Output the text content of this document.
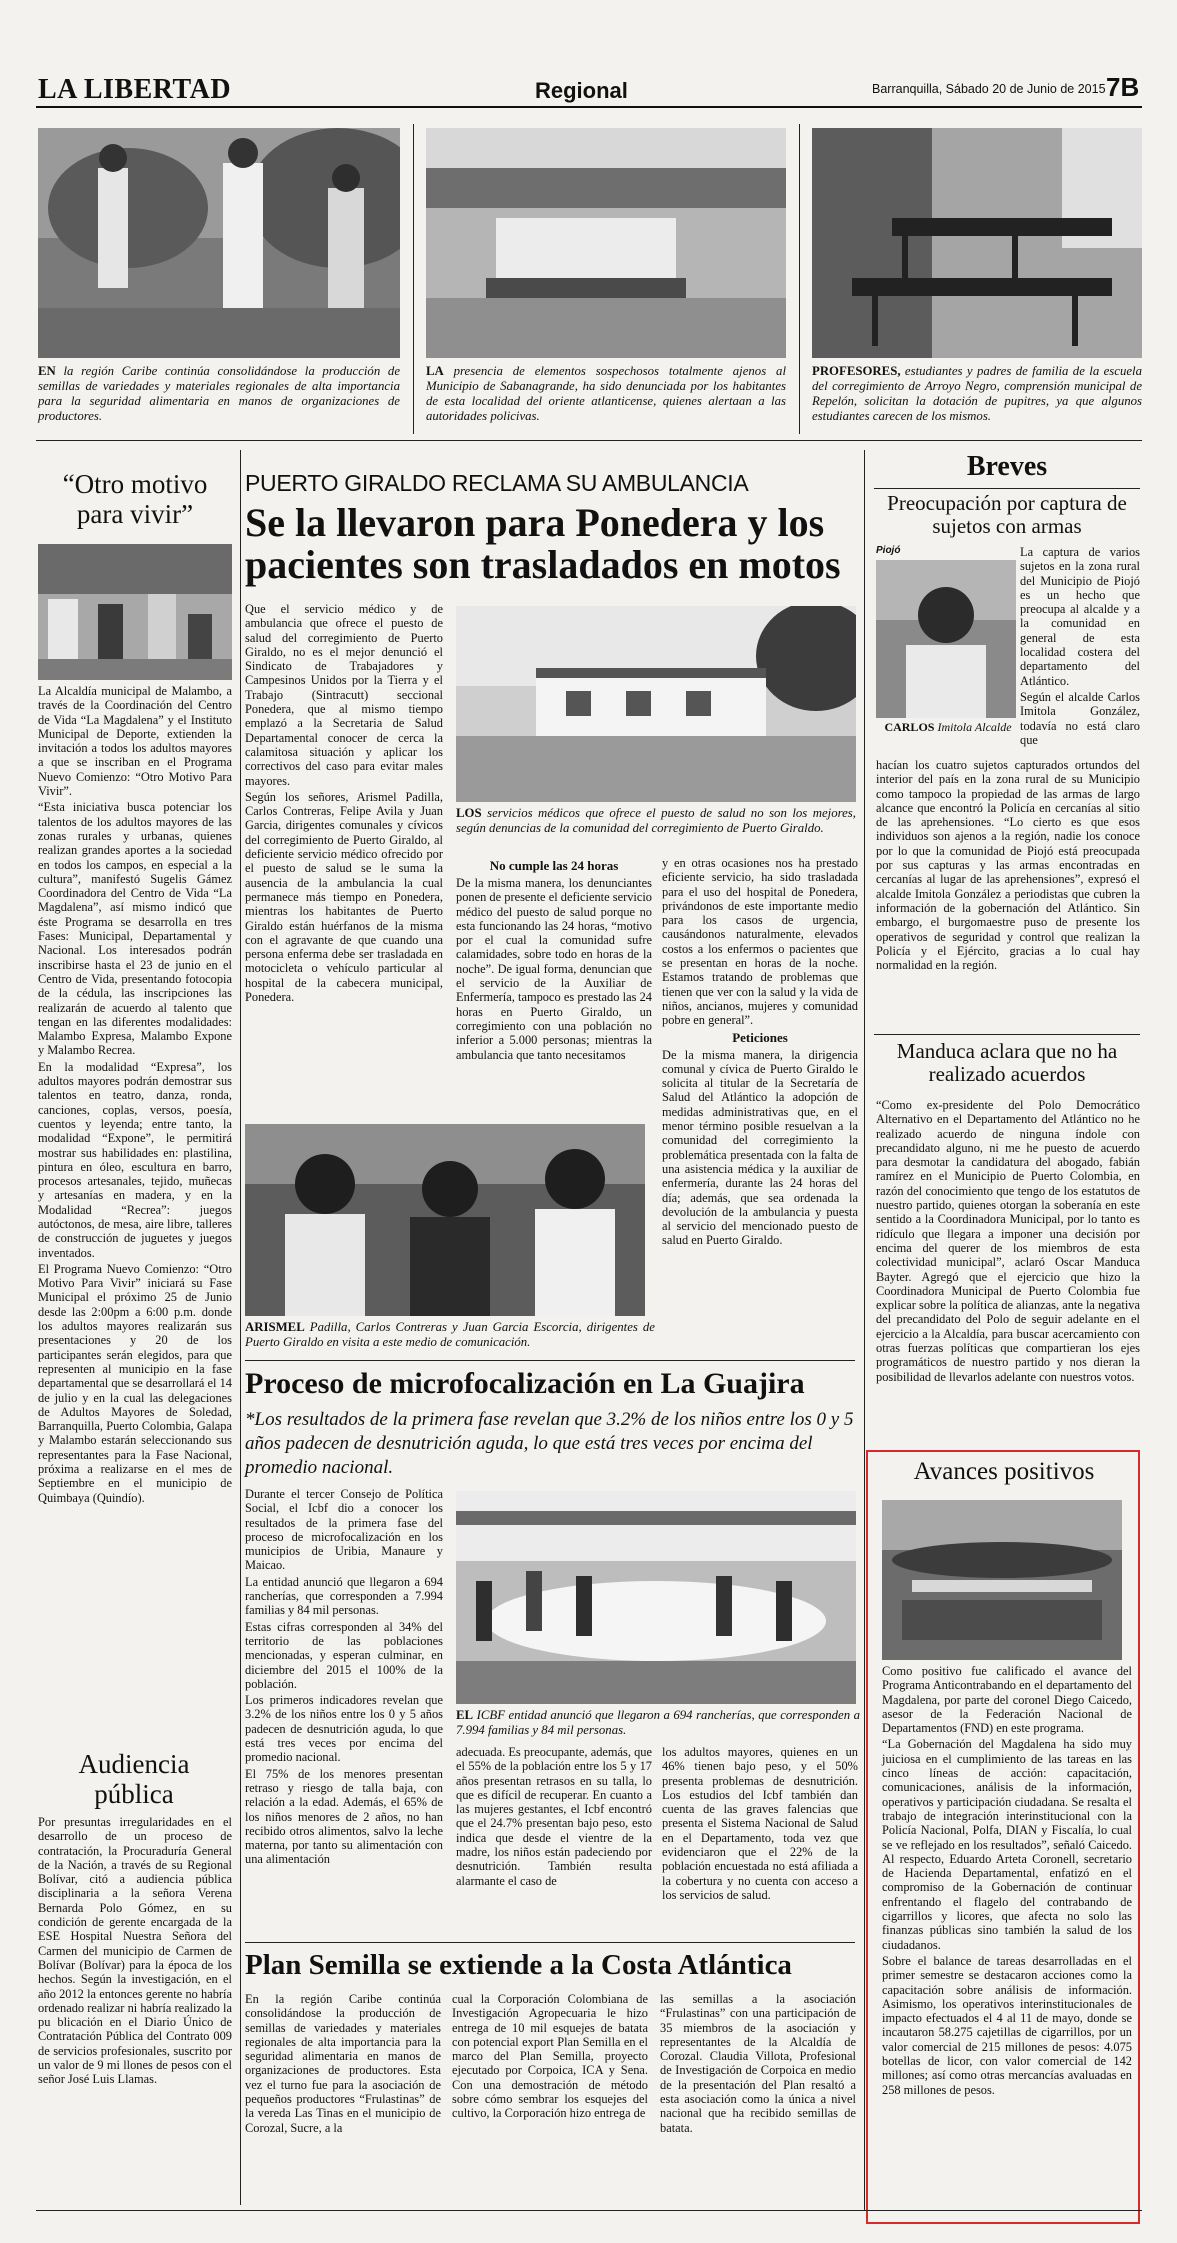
LA LIBERTAD	Regional	Barranquilla, Sábado 20 de Junio de 2015 7B
EN la región Caribe continúa consolidándose la producción de semillas de variedades y materiales regionales de alta importancia para la seguridad alimentaria en manos de organizaciones de productores.
LA presencia de elementos sospechosos totalmente ajenos al Municipio de Sabanagrande, ha sido denunciada por los habitantes de esta localidad del oriente atlanticense, quienes alertaan a las autoridades policivas.
PROFESORES, estudiantes y padres de familia de la escuela del corregimiento de Arroyo Negro, comprensión municipal de Repelón, solicitan la dotación de pupitres, ya que algunos estudiantes carecen de los mismos.
“Otro motivo para vivir”

La Alcaldía municipal de Malambo, a través de la Coordinación del Centro de Vida “La Magdalena” y el Instituto Municipal de Deporte, extienden la invitación a todos los adultos mayores a que se inscriban en el Programa Nuevo Comienzo: “Otro Motivo Para Vivir”.

“Esta iniciativa busca potenciar los talentos de los adultos mayores de las zonas rurales y urbanas, quienes realizan grandes aportes a la sociedad en todos los campos, en especial a la cultura”, manifestó Sugelis Gámez Coordinadora del Centro de Vida “La Magdalena”, así mismo indicó que éste Programa se desarrolla en tres Fases: Municipal, Departamental y Nacional. Los interesados podrán inscribirse hasta el 23 de junio en el Centro de Vida, presentando fotocopia de la cédula, las inscripciones las realizarán de acuerdo al talento que tengan en las diferentes modalidades: Malambo Expresa, Malambo Expone y Malambo Recrea.

En la modalidad “Expresa”, los adultos mayores podrán demostrar sus talentos en teatro, danza, ronda, canciones, coplas, versos, poesía, cuentos y leyenda; entre tanto, la modalidad “Expone”, le permitirá mostrar sus habilidades en: plastilina, pintura en óleo, escultura en barro, procesos artesanales, tejido, muñecas y artesanías en madera, y en la Modalidad “Recrea”: juegos autóctonos, de mesa, aire libre, talleres de construcción de juguetes y juegos inventados.

El Programa Nuevo Comienzo: “Otro Motivo Para Vivir” iniciará su Fase Municipal el próximo 25 de Junio desde las 2:00pm a 6:00 p.m. donde los adultos mayores realizarán sus presentaciones y 20 de los participantes serán elegidos, para que representen al municipio en la fase departamental que se desarrollará el 14 de julio y en la cual las delegaciones de Adultos Mayores de Soledad, Barranquilla, Puerto Colombia, Galapa y Malambo estarán seleccionando sus representantes para la Fase Nacional, próxima a realizarse en el mes de Septiembre en el municipio de Quimbaya (Quindío).

Audiencia pública
Por presuntas irregularidades en el desarrollo de un proceso de contratación, la Procuraduría General de la Nación, a través de su Regional Bolívar, citó a audiencia pública disciplinaria a la señora Verena Bernarda Polo Gómez, en su condición de gerente encargada de la ESE Hospital Nuestra Señora del Carmen del municipio de Carmen de Bolívar (Bolívar) para la época de los hechos. Según la investigación, en el año 2012 la entonces gerente no habría ordenado realizar ni habría realizado la pu blicación en el Diario Único de Contratación Pública del Contrato 009 de servicios profesionales, suscrito por un valor de 9 mi llones de pesos con el señor José Luis Llamas.
PUERTO GIRALDO RECLAMA SU AMBULANCIA
Se la llevaron para Ponedera y los pacientes son trasladados en motos

Que el servicio médico y de ambulancia que ofrece el puesto de salud del corregimiento de Puerto Giraldo, no es el mejor denunció el Sindicato de Trabajadores y Campesinos Unidos por la Tierra y el Trabajo (Sintracutt) seccional Ponedera, que al mismo tiempo emplazó a la Secretaria de Salud Departamental conocer de cerca la calamitosa situación y aplicar los correctivos del caso para evitar males mayores.

Según los señores, Arismel Padilla, Carlos Contreras, Felipe Avila y Juan Garcia, dirigentes comunales y cívicos del corregimiento de Puerto Giraldo, al deficiente servicio médico ofrecido por el puesto de salud se le suma la ausencia de la ambulancia la cual permanece más tiempo en Ponedera, mientras los habitantes de Puerto Giraldo están huérfanos de la misma con el agravante de que cuando una persona enferma debe ser trasladada en motocicleta o vehículo particular al hospital de la cabecera municipal, Ponedera.

LOS servicios médicos que ofrece el puesto de salud no son los mejores, según denuncias de la comunidad del corregimiento de Puerto Giraldo.
No cumple las 24 horas
De la misma manera, los denunciantes ponen de presente el deficiente servicio médico del puesto de salud porque no esta funcionando las 24 horas, “motivo por el cual la comunidad sufre calamidades, sobre todo en horas de la noche”. De igual forma, denuncian que el servicio de la Auxiliar de Enfermería, tampoco es prestado las 24 horas en Puerto Giraldo, un corregimiento con una población no inferior a 5.000 personas; mientras la ambulancia que tanto necesitamos
y en otras ocasiones nos ha prestado eficiente servicio, ha sido trasladada para el uso del hospital de Ponedera, privándonos de este importante medio para los casos de urgencia, causándonos naturalmente, elevados costos a los enfermos o pacientes que se presentan en horas de la noche. Estamos tratando de problemas que tienen que ver con la salud y la vida de niños, ancianos, mujeres y comunidad pobre en general”.
Peticiones
De la misma manera, la dirigencia comunal y cívica de Puerto Giraldo le solicita al titular de la Secretaría de Salud del Atlántico la adopción de medidas administrativas que, en el menor término posible resuelvan a la comunidad del corregimiento la problemática presentada con la falta de una asistencia médica y la auxiliar de enfermería, durante las 24 horas del día; además, que sea ordenada la devolución de la ambulancia y puesta al servicio del mencionado puesto de salud en Puerto Giraldo.
ARISMEL Padilla, Carlos Contreras y Juan Garcia Escorcia, dirigentes de Puerto Giraldo en visita a este medio de comunicación.
Proceso de microfocalización en La Guajira
*Los resultados de la primera fase revelan que 3.2% de los niños entre los 0 y 5 años padecen de desnutrición aguda, lo que está tres veces por encima del promedio nacional.

Durante el tercer Consejo de Política Social, el Icbf dio a conocer los resultados de la primera fase del proceso de microfocalización en los municipios de Uribia, Manaure y Maicao.

La entidad anunció que llegaron a 694 rancherías, que corresponden a 7.994 familias y 84 mil personas.

Estas cifras corresponden al 34% del territorio de las poblaciones mencionadas, y esperan culminar, en diciembre del 2015 el 100% de la población.

Los primeros indicadores revelan que 3.2% de los niños entre los 0 y 5 años padecen de desnutrición aguda, lo que está tres veces por encima del promedio nacional.

El 75% de los menores presentan retraso y riesgo de talla baja, con relación a la edad. Además, el 65% de los niños menores de 2 años, no han recibido otros alimentos, salvo la leche materna, por tanto su alimentación con una alimentación

EL ICBF entidad anunció que llegaron a 694 rancherías, que corresponden a 7.994 familias y 84 mil personas.
adecuada. Es preocupante, además, que el 55% de la población entre los 5 y 17 años presentan retrasos en su talla, lo que es difícil de recuperar. En cuanto a las mujeres gestantes, el Icbf encontró que el 24.7% presentan bajo peso, esto indica que desde el vientre de la madre, los niños están padeciendo por desnutrición. También resulta alarmante el caso de
los adultos mayores, quienes en un 46% tienen bajo peso, y el 50% presenta problemas de desnutrición. Los estudios del Icbf también dan cuenta de las graves falencias que presenta el Sistema Nacional de Salud en el Departamento, toda vez que evidenciaron que el 22% de la población encuestada no está afiliada a la cobertura y no cuenta con acceso a los servicios de salud.
Plan Semilla se extiende a la Costa Atlántica
En la región Caribe continúa consolidándose la producción de semillas de variedades y materiales regionales de alta importancia para la seguridad alimentaria en manos de organizaciones de productores. Esta vez el turno fue para la asociación de pequeños productores “Frulastinas” de la vereda Las Tinas en el municipio de Corozal, Sucre, a la
cual la Corporación Colombiana de Investigación Agropecuaria le hizo entrega de 10 mil esquejes de batata con potencial export Plan Semilla en el marco del Plan Semilla, proyecto ejecutado por Corpoica, ICA y Sena. Con una demostración de método sobre cómo sembrar los esquejes del cultivo, la Corporación hizo entrega de
las semillas a la asociación “Frulastinas” con una participación de 35 miembros de la asociación y representantes de la Alcaldía de Corozal. Claudia Villota, Profesional de Investigación de Corpoica en medio de la presentación del Plan resaltó a esta asociación como la única a nivel nacional que ha recibido semillas de batata.
Breves
Preocupación por captura de sujetos con armas
Piojó
CARLOS Imitola Alcalde

La captura de varios sujetos en la zona rural del Municipio de Piojó es un hecho que preocupa al alcalde y a la comunidad en general de esta localidad costera del departamento del Atlántico.

Según el alcalde Carlos Imitola González, todavía no está claro que

hacían los cuatro sujetos capturados ortundos del interior del país en la zona rural de su Municipio como tampoco la propiedad de las armas de largo alcance que encontró la Policía en cercanías al sitio de las aprehensiones. “Lo cierto es que esos individuos son ajenos a la región, nadie los conoce por lo que la comunidad de Piojó está preocupada por sus capturas y las armas encontradas en cercanías al lugar de las aprehensiones”, expresó el alcalde Imitola González a periodistas que cubren la información de la gobernación del Atlántico. Sin embargo, el burgomaestre puso de presente los operativos de seguridad y control que realizan la Policía y el Ejército, gracias a lo cual hay normalidad en la región.
Manduca aclara que no ha realizado acuerdos
“Como ex-presidente del Polo Democrático Alternativo en el Departamento del Atlántico no he realizado acuerdo de ninguna índole con precandidato alguno, ni me he puesto de acuerdo para desmotar la candidatura del abogado, fabián ramírez en el Municipio de Puerto Colombia, en razón del conocimiento que tengo de los estatutos de nuestro partido, quienes otorgan la soberanía en este sentido a la Coordinadora Municipal, por lo tanto es ridículo que llegara a imponer una decisión por encima del querer de los miembros de esta colectividad municipal”, aclaró Oscar Manduca Bayter. Agregó que el ejercicio que hizo la Coordinadora Municipal de Puerto Colombia fue explicar sobre la política de alianzas, ante la negativa del precandidato del Polo de seguir adelante en el ejercicio a la Alcaldía, para buscar acercamiento con otras fuerzas políticas que compartieran los ejes programáticos de nuestro partido y nos dieran la posibilidad de llevarlos adelante con nuestros votos.
Avances positivos

Como positivo fue calificado el avance del Programa Anticontrabando en el departamento del Magdalena, por parte del coronel Diego Caicedo, asesor de la Federación Nacional de Departamentos (FND) en este programa.

“La Gobernación del Magdalena ha sido muy juiciosa en el cumplimiento de las tareas en las cinco líneas de acción: capacitación, comunicaciones, análisis de la información, operativos y participación ciudadana. Se resalta el trabajo de integración interinstitucional con la Policía Nacional, Polfa, DIAN y Fiscalía, lo cual se ve reflejado en los resultados”, señaló Caicedo. Al respecto, Eduardo Arteta Coronell, secretario de Hacienda Departamental, enfatizó en el compromiso de la Gobernación de continuar enfrentando el flagelo del contrabando de cigarrillos y licores, que afecta no solo las finanzas públicas sino también la salud de los ciudadanos.

Sobre el balance de tareas desarrolladas en el primer semestre se destacaron acciones como la capacitación sobre análisis de información. Asimismo, los operativos interinstitucionales de impacto efectuados el 4 al 11 de mayo, donde se incautaron 58.275 cajetillas de cigarrillos, por un valor comercial de 215 millones de pesos: 4.075 botellas de licor, con valor comercial de 142 millones; así como otras mercancías avaluadas en 258 millones de pesos.
